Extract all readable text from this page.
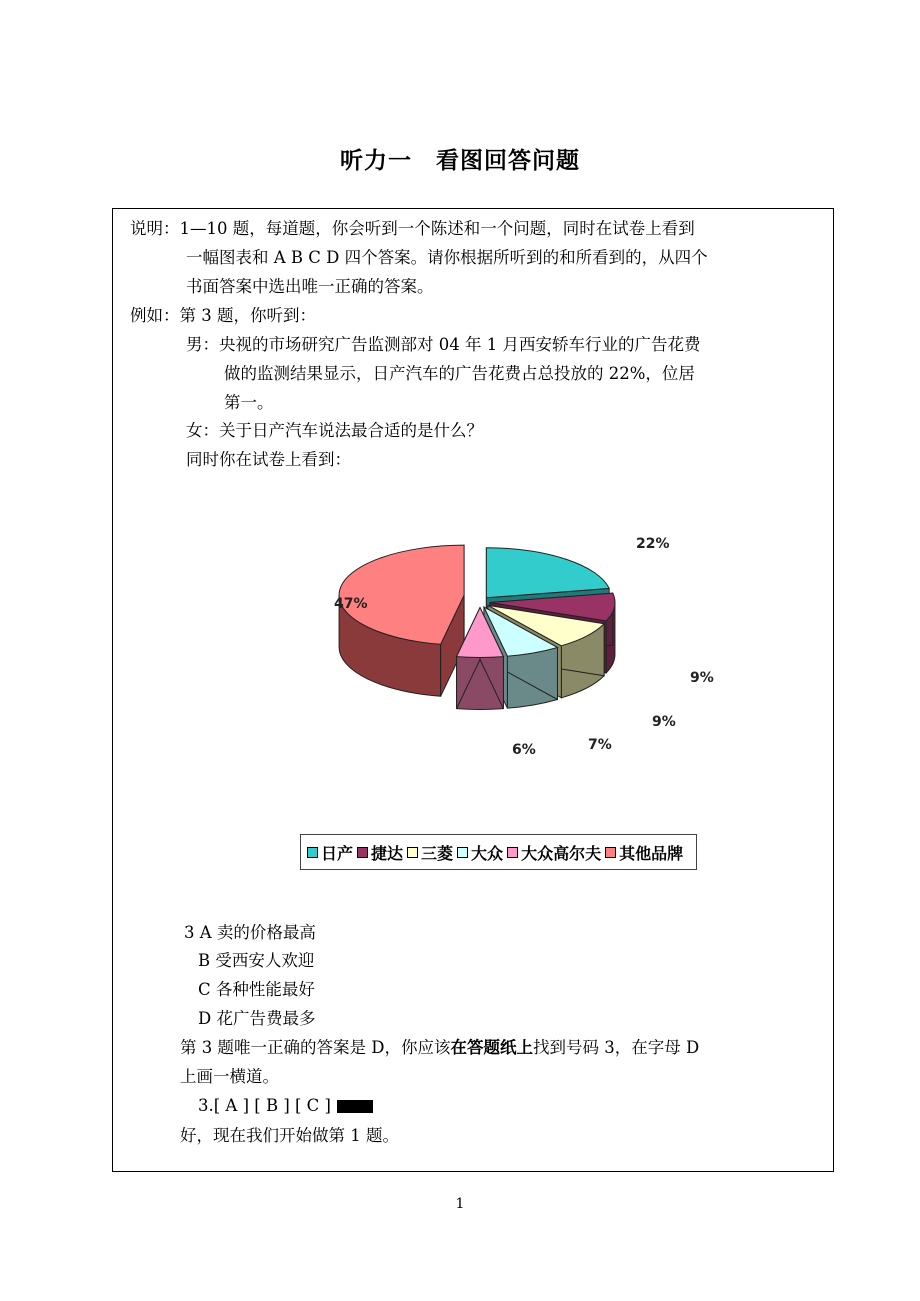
听力一　看图回答问题
说明：1—10 题，每道题，你会听到一个陈述和一个问题，同时在试卷上看到
一幅图表和 A B C D 四个答案。请你根据所听到的和所看到的，从四个
书面答案中选出唯一正确的答案。
例如：第 3 题，你听到：
男：央视的市场研究广告监测部对 04 年 1 月西安轿车行业的广告花费
做的监测结果显示，日产汽车的广告花费占总投放的 22%，位居
第一。
女：关于日产汽车说法最合适的是什么？
同时你在试卷上看到：
22%
9%
9%
7%
6%
47%
日产 捷达 三菱 大众 大众高尔夫 其他品牌
3 A 卖的价格最高
B 受西安人欢迎
C 各种性能最好
D 花广告费最多
第 3 题唯一正确的答案是 D，你应该在答题纸上找到号码 3，在字母 D
上画一横道。
3.[ A ] [ B ] [ C ]
好，现在我们开始做第 1 题。
1
